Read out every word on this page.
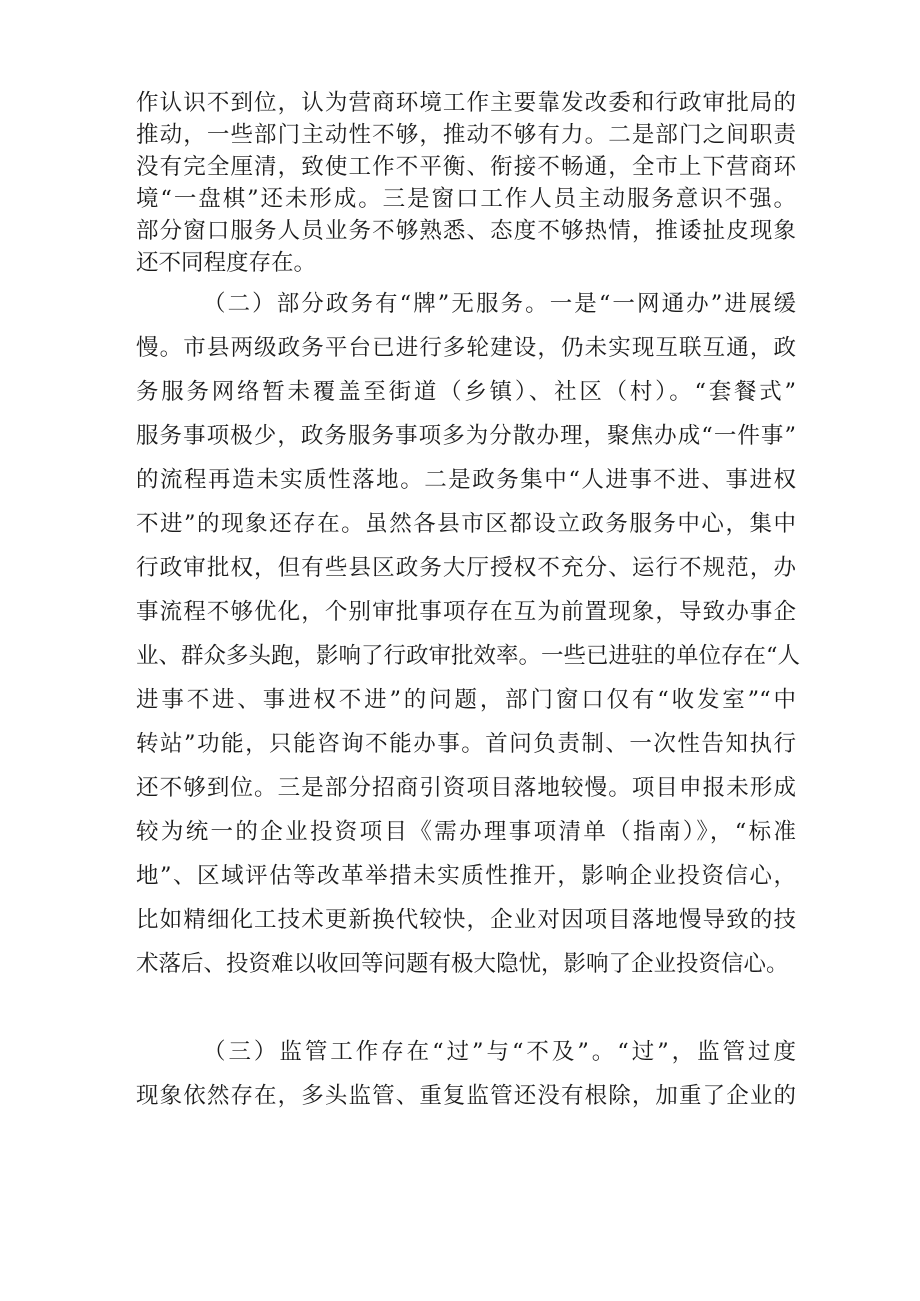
作认识不到位，认为营商环境工作主要靠发改委和行政审批局的
推动，一些部门主动性不够，推动不够有力。二是部门之间职责
没有完全厘清，致使工作不平衡、衔接不畅通，全市上下营商环
境“一盘棋”还未形成。三是窗口工作人员主动服务意识不强。
部分窗口服务人员业务不够熟悉、态度不够热情，推诿扯皮现象
还不同程度存在。
（二）部分政务有“牌”无服务。一是“一网通办”进展缓
慢。市县两级政务平台已进行多轮建设，仍未实现互联互通，政
务服务网络暂未覆盖至街道（乡镇）、社区（村）。“套餐式”
服务事项极少，政务服务事项多为分散办理，聚焦办成“一件事”
的流程再造未实质性落地。二是政务集中“人进事不进、事进权
不进”的现象还存在。虽然各县市区都设立政务服务中心，集中
行政审批权，但有些县区政务大厅授权不充分、运行不规范，办
事流程不够优化，个别审批事项存在互为前置现象，导致办事企
业、群众多头跑，影响了行政审批效率。一些已进驻的单位存在“人
进事不进、事进权不进”的问题，部门窗口仅有“收发室”“中
转站”功能，只能咨询不能办事。首问负责制、一次性告知执行
还不够到位。三是部分招商引资项目落地较慢。项目申报未形成
较为统一的企业投资项目《需办理事项清单（指南）》，“标准
地”、区域评估等改革举措未实质性推开，影响企业投资信心，
比如精细化工技术更新换代较快，企业对因项目落地慢导致的技
术落后、投资难以收回等问题有极大隐忧，影响了企业投资信心。
（三）监管工作存在“过”与“不及”。“过”，监管过度
现象依然存在，多头监管、重复监管还没有根除，加重了企业的
